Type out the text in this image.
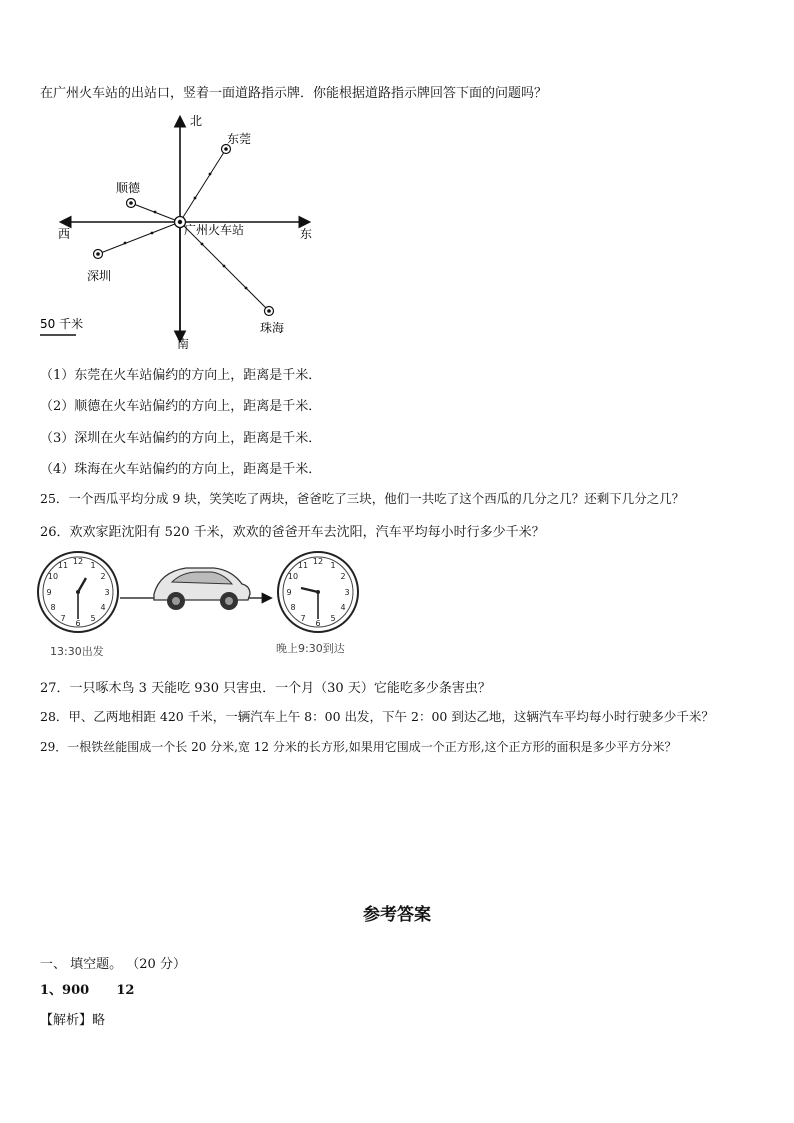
在广州火车站的出站口，竖着一面道路指示牌．你能根据道路指示牌回答下面的问题吗？
北
南
东
西	广州火车站
东莞
顺德
深圳
珠海
50 千米
（1）东莞在火车站偏约的方向上，距离是千米．
（2）顺德在火车站偏约的方向上，距离是千米．
（3）深圳在火车站偏约的方向上，距离是千米．
（4）珠海在火车站偏约的方向上，距离是千米．
25．一个西瓜平均分成 9 块，笑笑吃了两块，爸爸吃了三块，他们一共吃了这个西瓜的几分之几？还剩下几分之几？
26．欢欢家距沈阳有 520 千米，欢欢的爸爸开车去沈阳，汽车平均每小时行多少千米？
12 1
2
3
4
5
6
7
8
9
10
11	12 1
2
3
4
5
6
7
8
9
10
11
13:30出发	晚上9:30到达
27．一只啄木鸟 3 天能吃 930 只害虫．一个月（30 天）它能吃多少条害虫？
28．甲、乙两地相距 420 千米，一辆汽车上午 8：00 出发，下午 2：00 到达乙地，这辆汽车平均每小时行驶多少千米？
29．一根铁丝能围成一个长 20 分米,宽 12 分米的长方形,如果用它围成一个正方形,这个正方形的面积是多少平方分米？
参考答案
一、 填空题。 （20 分）
1、900      12
【解析】略
